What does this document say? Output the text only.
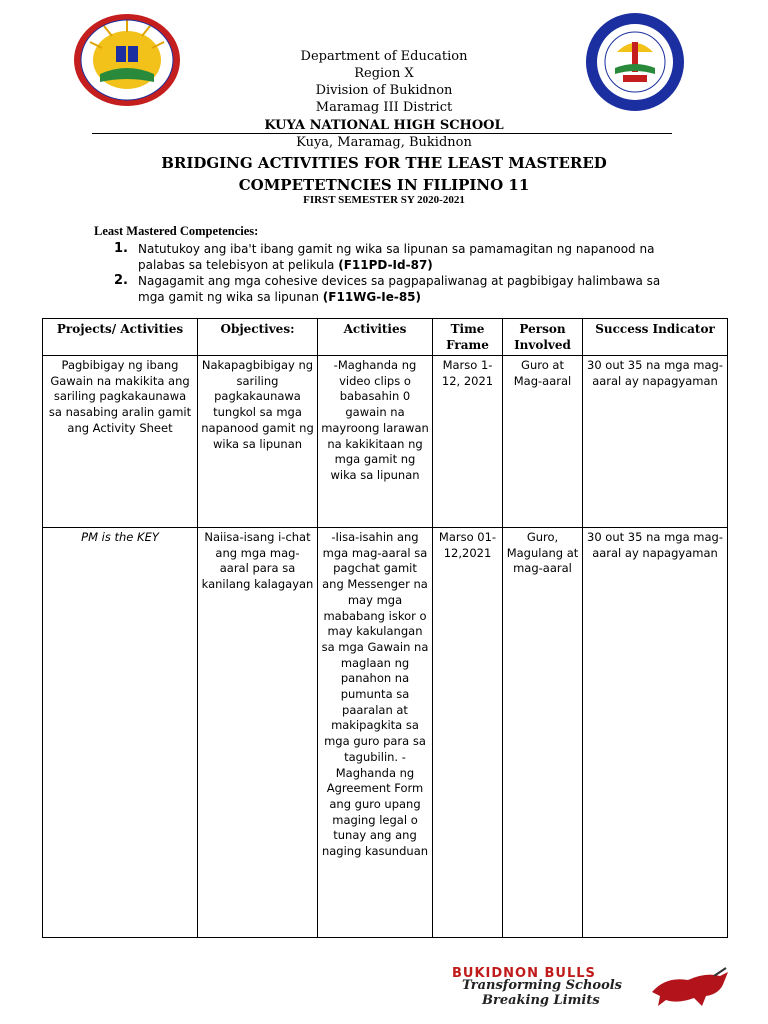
Department of Education
Region X
Division of Bukidnon
Maramag III District
KUYA NATIONAL HIGH SCHOOL
Kuya, Maramag, Bukidnon
BRIDGING ACTIVITIES FOR THE LEAST MASTERED
COMPETETNCIES IN FILIPINO 11
FIRST SEMESTER SY 2020-2021
Least Mastered Competencies:
1. Natutukoy ang iba't ibang gamit ng wika sa lipunan sa pamamagitan ng napanood na palabas sa telebisyon at pelikula (F11PD-Id-87)
2. Nagagamit ang mga cohesive devices sa pagpapaliwanag at pagbibigay halimbawa sa mga gamit ng wika sa lipunan (F11WG-Ie-85)
Projects/ Activities	Objectives:	Activities	Time Frame	Person Involved	Success Indicator
Pagbibigay ng ibang Gawain na makikita ang sariling pagkakaunawa sa nasabing aralin gamit ang Activity Sheet	Nakapagbibigay ng sariling pagkakaunawa tungkol sa mga napanood gamit ng wika sa lipunan	-Maghanda ng video clips o babasahin 0 gawain na mayroong larawan na kakikitaan ng mga gamit ng wika sa lipunan	Marso 1-12, 2021	Guro at Mag-aaral	30 out 35 na mga mag-aaral ay napagyaman
PM is the KEY	Naiisa-isang i-chat ang mga mag-aaral para sa kanilang kalagayan	-Iisa-isahin ang mga mag-aaral sa pagchat gamit ang Messenger na may mga mababang iskor o may kakulangan sa mga Gawain na maglaan ng panahon na pumunta sa paaralan at makipagkita sa mga guro para sa tagubilin. -Maghanda ng Agreement Form ang guro upang maging legal o tunay ang ang naging kasunduan	Marso 01-12,2021	Guro, Magulang at mag-aaral	30 out 35 na mga mag-aaral ay napagyaman
BUKIDNON BULLS
Transforming Schools
Breaking Limits
